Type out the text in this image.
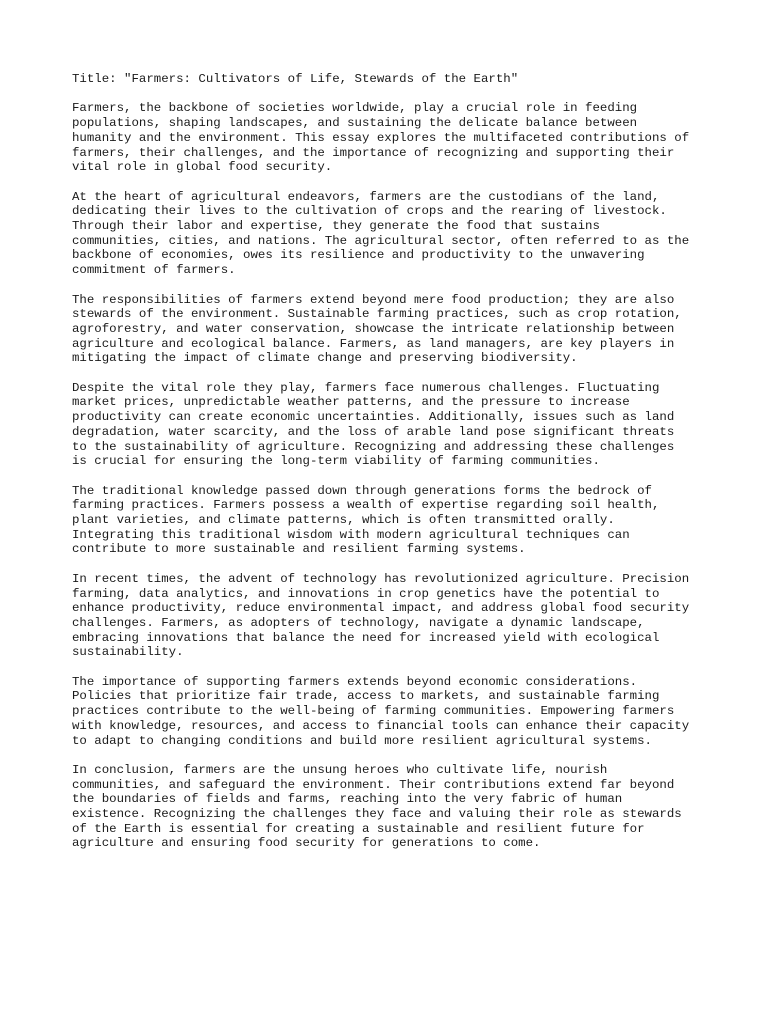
Title: "Farmers: Cultivators of Life, Stewards of the Earth"
Farmers, the backbone of societies worldwide, play a crucial role in feeding
populations, shaping landscapes, and sustaining the delicate balance between
humanity and the environment. This essay explores the multifaceted contributions of
farmers, their challenges, and the importance of recognizing and supporting their
vital role in global food security.
At the heart of agricultural endeavors, farmers are the custodians of the land,
dedicating their lives to the cultivation of crops and the rearing of livestock.
Through their labor and expertise, they generate the food that sustains
communities, cities, and nations. The agricultural sector, often referred to as the
backbone of economies, owes its resilience and productivity to the unwavering
commitment of farmers.
The responsibilities of farmers extend beyond mere food production; they are also
stewards of the environment. Sustainable farming practices, such as crop rotation,
agroforestry, and water conservation, showcase the intricate relationship between
agriculture and ecological balance. Farmers, as land managers, are key players in
mitigating the impact of climate change and preserving biodiversity.
Despite the vital role they play, farmers face numerous challenges. Fluctuating
market prices, unpredictable weather patterns, and the pressure to increase
productivity can create economic uncertainties. Additionally, issues such as land
degradation, water scarcity, and the loss of arable land pose significant threats
to the sustainability of agriculture. Recognizing and addressing these challenges
is crucial for ensuring the long-term viability of farming communities.
The traditional knowledge passed down through generations forms the bedrock of
farming practices. Farmers possess a wealth of expertise regarding soil health,
plant varieties, and climate patterns, which is often transmitted orally.
Integrating this traditional wisdom with modern agricultural techniques can
contribute to more sustainable and resilient farming systems.
In recent times, the advent of technology has revolutionized agriculture. Precision
farming, data analytics, and innovations in crop genetics have the potential to
enhance productivity, reduce environmental impact, and address global food security
challenges. Farmers, as adopters of technology, navigate a dynamic landscape,
embracing innovations that balance the need for increased yield with ecological
sustainability.
The importance of supporting farmers extends beyond economic considerations.
Policies that prioritize fair trade, access to markets, and sustainable farming
practices contribute to the well-being of farming communities. Empowering farmers
with knowledge, resources, and access to financial tools can enhance their capacity
to adapt to changing conditions and build more resilient agricultural systems.
In conclusion, farmers are the unsung heroes who cultivate life, nourish
communities, and safeguard the environment. Their contributions extend far beyond
the boundaries of fields and farms, reaching into the very fabric of human
existence. Recognizing the challenges they face and valuing their role as stewards
of the Earth is essential for creating a sustainable and resilient future for
agriculture and ensuring food security for generations to come.
